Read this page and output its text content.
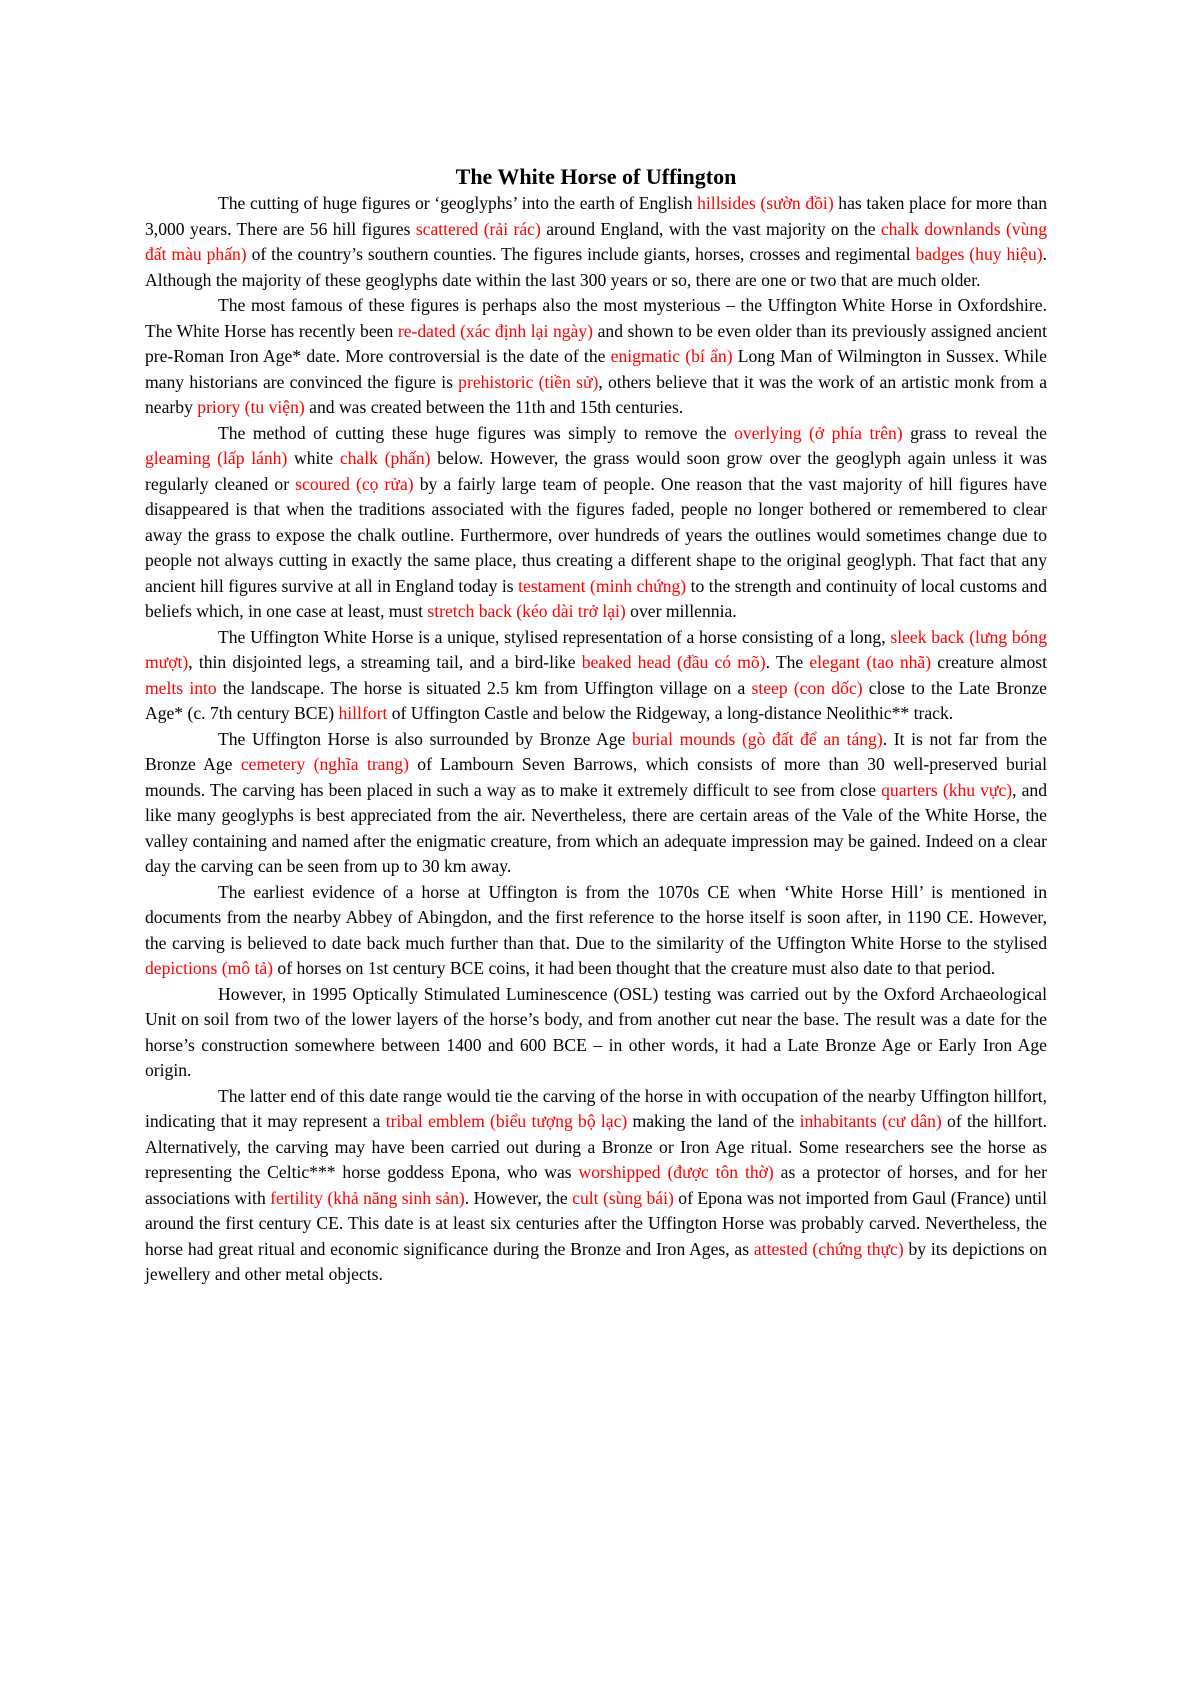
The White Horse of Uffington

The cutting of huge figures or ‘geoglyphs’ into the earth of English hillsides (sườn đồi) has taken place for more than 3,000 years. There are 56 hill figures scattered (rải rác) around England, with the vast majority on the chalk downlands (vùng đất màu phấn) of the country’s southern counties. The figures include giants, horses, crosses and regimental badges (huy hiệu). Although the majority of these geoglyphs date within the last 300 years or so, there are one or two that are much older.

The most famous of these figures is perhaps also the most mysterious – the Uffington White Horse in Oxfordshire. The White Horse has recently been re-dated (xác định lại ngày) and shown to be even older than its previously assigned ancient pre-Roman Iron Age* date. More controversial is the date of the enigmatic (bí ẩn) Long Man of Wilmington in Sussex. While many historians are convinced the figure is prehistoric (tiền sử), others believe that it was the work of an artistic monk from a nearby priory (tu viện) and was created between the 11th and 15th centuries.

The method of cutting these huge figures was simply to remove the overlying (ở phía trên) grass to reveal the gleaming (lấp lánh) white chalk (phấn) below. However, the grass would soon grow over the geoglyph again unless it was regularly cleaned or scoured (cọ rửa) by a fairly large team of people. One reason that the vast majority of hill figures have disappeared is that when the traditions associated with the figures faded, people no longer bothered or remembered to clear away the grass to expose the chalk outline. Furthermore, over hundreds of years the outlines would sometimes change due to people not always cutting in exactly the same place, thus creating a different shape to the original geoglyph. That fact that any ancient hill figures survive at all in England today is testament (minh chứng) to the strength and continuity of local customs and beliefs which, in one case at least, must stretch back (kéo dài trở lại) over millennia.

The Uffington White Horse is a unique, stylised representation of a horse consisting of a long, sleek back (lưng bóng mượt), thin disjointed legs, a streaming tail, and a bird-like beaked head (đầu có mõ). The elegant (tao nhã) creature almost melts into the landscape. The horse is situated 2.5 km from Uffington village on a steep (con dốc) close to the Late Bronze Age* (c. 7th century BCE) hillfort of Uffington Castle and below the Ridgeway, a long-distance Neolithic** track.

The Uffington Horse is also surrounded by Bronze Age burial mounds (gò đất để an táng). It is not far from the Bronze Age cemetery (nghĩa trang) of Lambourn Seven Barrows, which consists of more than 30 well-preserved burial mounds. The carving has been placed in such a way as to make it extremely difficult to see from close quarters (khu vực), and like many geoglyphs is best appreciated from the air. Nevertheless, there are certain areas of the Vale of the White Horse, the valley containing and named after the enigmatic creature, from which an adequate impression may be gained. Indeed on a clear day the carving can be seen from up to 30 km away.

The earliest evidence of a horse at Uffington is from the 1070s CE when ‘White Horse Hill’ is mentioned in documents from the nearby Abbey of Abingdon, and the first reference to the horse itself is soon after, in 1190 CE. However, the carving is believed to date back much further than that. Due to the similarity of the Uffington White Horse to the stylised depictions (mô tả) of horses on 1st century BCE coins, it had been thought that the creature must also date to that period.

However, in 1995 Optically Stimulated Luminescence (OSL) testing was carried out by the Oxford Archaeological Unit on soil from two of the lower layers of the horse’s body, and from another cut near the base. The result was a date for the horse’s construction somewhere between 1400 and 600 BCE – in other words, it had a Late Bronze Age or Early Iron Age origin.

The latter end of this date range would tie the carving of the horse in with occupation of the nearby Uffington hillfort, indicating that it may represent a tribal emblem (biểu tượng bộ lạc) making the land of the inhabitants (cư dân) of the hillfort. Alternatively, the carving may have been carried out during a Bronze or Iron Age ritual. Some researchers see the horse as representing the Celtic*** horse goddess Epona, who was worshipped (được tôn thờ) as a protector of horses, and for her associations with fertility (khả năng sinh sản). However, the cult (sùng bái) of Epona was not imported from Gaul (France) until around the first century CE. This date is at least six centuries after the Uffington Horse was probably carved. Nevertheless, the horse had great ritual and economic significance during the Bronze and Iron Ages, as attested (chứng thực) by its depictions on jewellery and other metal objects.
